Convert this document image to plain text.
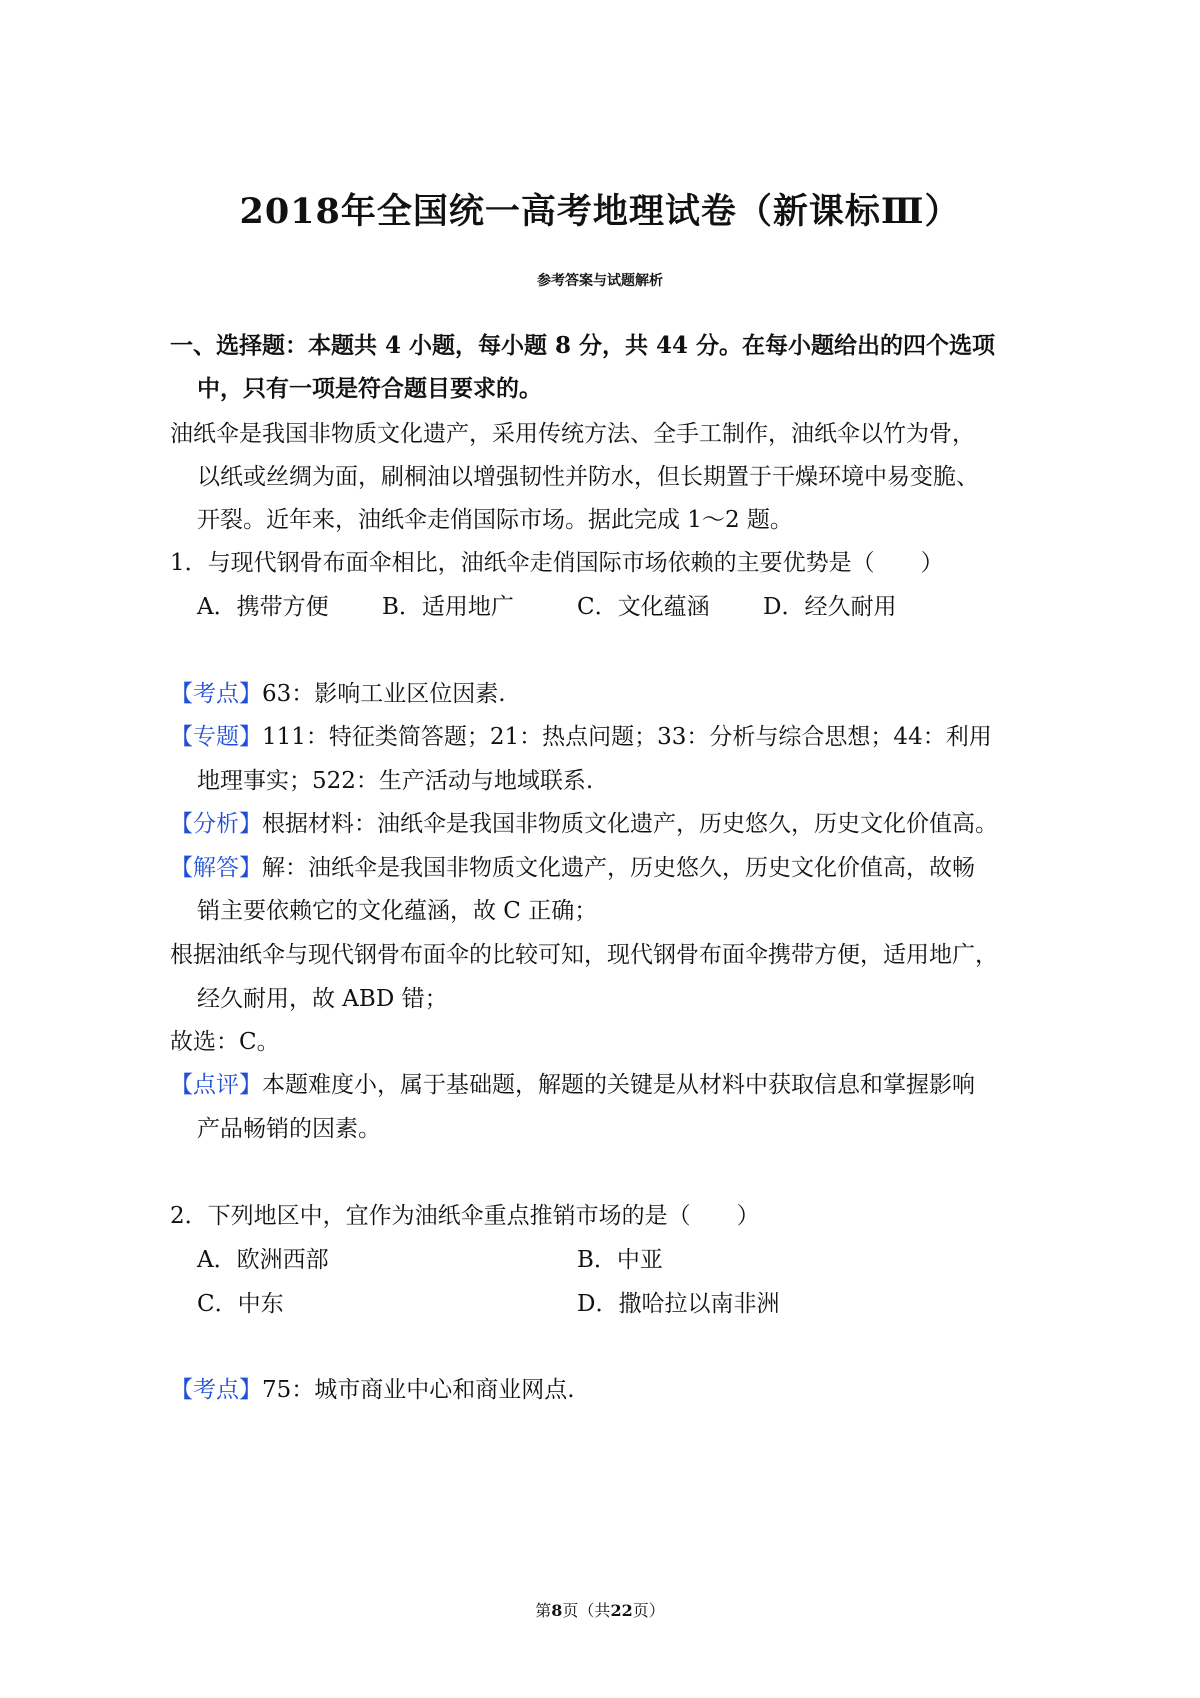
2018年全国统一高考地理试卷（新课标Ⅲ）
参考答案与试题解析
一、选择题：本题共 4 小题，每小题 8 分，共 44 分。在每小题给出的四个选项
中，只有一项是符合题目要求的。
油纸伞是我国非物质文化遗产，采用传统方法、全手工制作，油纸伞以竹为骨，
以纸或丝绸为面，刷桐油以增强韧性并防水，但长期置于干燥环境中易变脆、
开裂。近年来，油纸伞走俏国际市场。据此完成 1～2 题。
1．与现代钢骨布面伞相比，油纸伞走俏国际市场依赖的主要优势是（　　）
A．携带方便 B．适用地广	C．文化蕴涵 D．经久耐用
【考点】63：影响工业区位因素.
【专题】111：特征类简答题；21：热点问题；33：分析与综合思想；44：利用
地理事实；522：生产活动与地域联系.
【分析】根据材料：油纸伞是我国非物质文化遗产，历史悠久，历史文化价值高。
【解答】解：油纸伞是我国非物质文化遗产，历史悠久，历史文化价值高，故畅
销主要依赖它的文化蕴涵，故 C 正确；
根据油纸伞与现代钢骨布面伞的比较可知，现代钢骨布面伞携带方便，适用地广，
经久耐用，故 ABD 错；
故选：C。
【点评】本题难度小，属于基础题，解题的关键是从材料中获取信息和掌握影响
产品畅销的因素。
2．下列地区中，宜作为油纸伞重点推销市场的是（　　）
A．欧洲西部	B．中亚
C．中东	D．撒哈拉以南非洲
【考点】75：城市商业中心和商业网点.
第8页（共22页）
